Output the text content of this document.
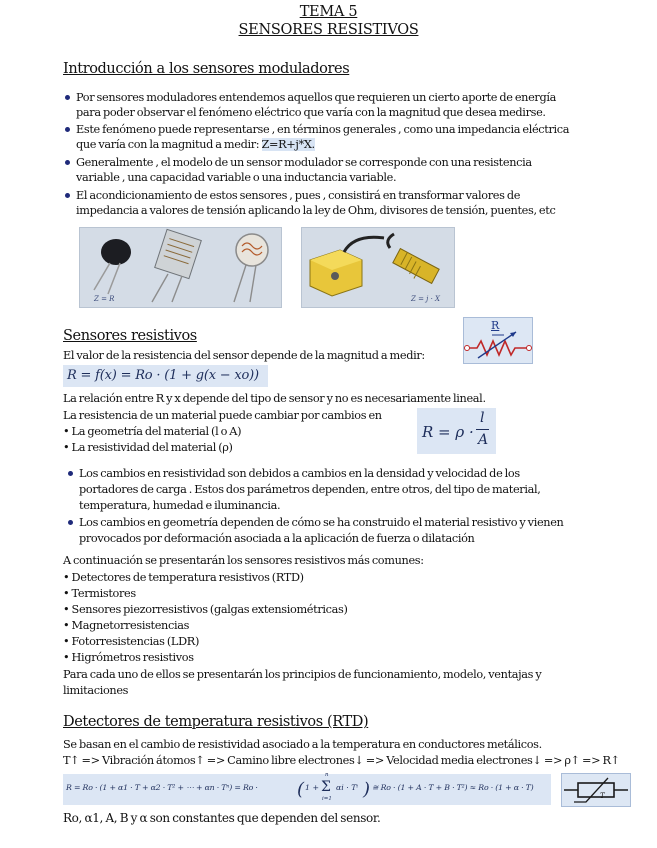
TEMA 5
SENSORES RESISTIVOS
Introducción a los sensores moduladores
Por sensores moduladores entendemos aquellos que requieren un cierto aporte de energía
para poder observar el fenómeno eléctrico que varía con la magnitud que desea medirse.
Este fenómeno puede representarse , en términos generales , como una impedancia eléctrica
que varía con la magnitud a medir: Z=R+j*X.
Generalmente , el modelo de un sensor modulador se corresponde con una resistencia
variable , una capacidad variable o una inductancia variable.
El acondicionamiento de estos sensores , pues , consistirá en transformar valores de
impedancia a valores de tensión aplicando la ley de Ohm, divisores de tensión, puentes, etc
Z = R	Z = j · X
Sensores resistivos
R
El valor de la resistencia del sensor depende de la magnitud a medir:
R = f(x) = Ro · (1 + g(x − xo))
La relación entre R y x depende del tipo de sensor y no es necesariamente lineal.
La resistencia de un material puede cambiar por cambios en
• La geometría del material (l o A)
• La resistividad del material (ρ)
R = ρ ·
l
A
Los cambios en resistividad son debidos a cambios en la densidad y velocidad de los
portadores de carga . Estos dos parámetros dependen, entre otros, del tipo de material,
temperatura, humedad e iluminancia.
Los cambios en geometría dependen de cómo se ha construido el material resistivo y vienen
provocados por deformación asociada a la aplicación de fuerza o dilatación
A continuación se presentarán los sensores resistivos más comunes:
• Detectores de temperatura resistivos (RTD)
• Termistores
• Sensores piezorresistivos (galgas extensiométricas)
• Magnetorresistencias
• Fotorresistencias (LDR)
• Higrómetros resistivos
Para cada uno de ellos se presentarán los principios de funcionamiento, modelo, ventajas y
limitaciones
Detectores de temperatura resistivos (RTD)
Se basan en el cambio de resistividad asociado a la temperatura en conductores metálicos.
T↑ => Vibración átomos↑ => Camino libre electrones↓ => Velocidad media electrones↓ => ρ↑ => R↑
R = Ro · (1 + α1 · T + α2 · T² + ⋯ + αn · Tⁿ) = Ro · ( 1 +
n
Σ
i=1
αi · Tⁱ ) ≅ Ro · (1 + A · T + B · T²) ≈ Ro · (1 + α · T)
T
Ro, α1, A, B y α son constantes que dependen del sensor.
